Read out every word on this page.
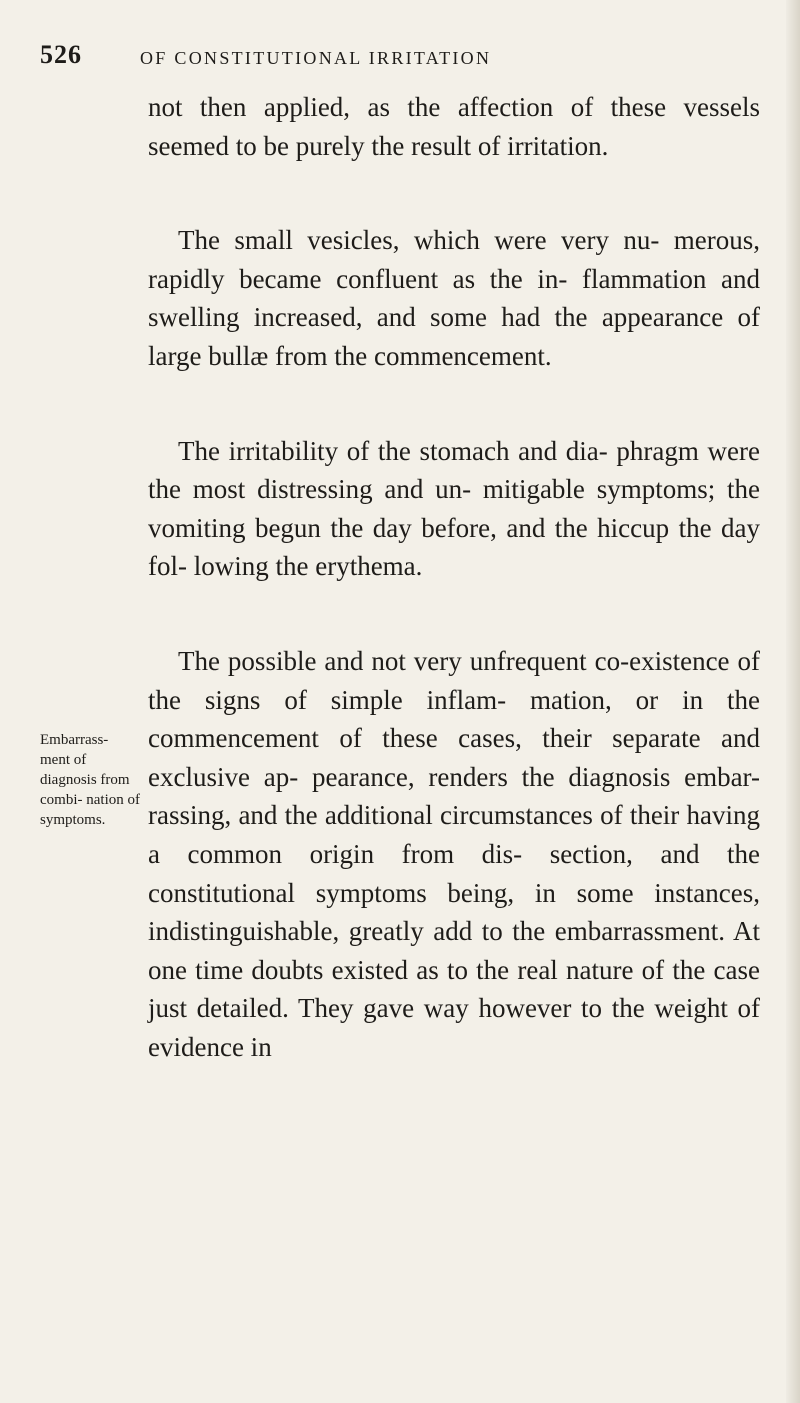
526	OF CONSTITUTIONAL IRRITATION
Embarrass- ment of diagnosis from combi- nation of symptoms.

not then applied, as the affection of these vessels seemed to be purely the result of irritation.

The small vesicles, which were very nu- merous, rapidly became confluent as the in- flammation and swelling increased, and some had the appearance of large bullæ from the commencement.

The irritability of the stomach and dia- phragm were the most distressing and un- mitigable symptoms; the vomiting begun the day before, and the hiccup the day fol- lowing the erythema.

The possible and not very unfrequent co-existence of the signs of simple inflam- mation, or in the commencement of these cases, their separate and exclusive ap- pearance, renders the diagnosis embar- rassing, and the additional circumstances of their having a common origin from dis- section, and the constitutional symptoms being, in some instances, indistinguishable, greatly add to the embarrassment. At one time doubts existed as to the real nature of the case just detailed. They gave way however to the weight of evidence in
